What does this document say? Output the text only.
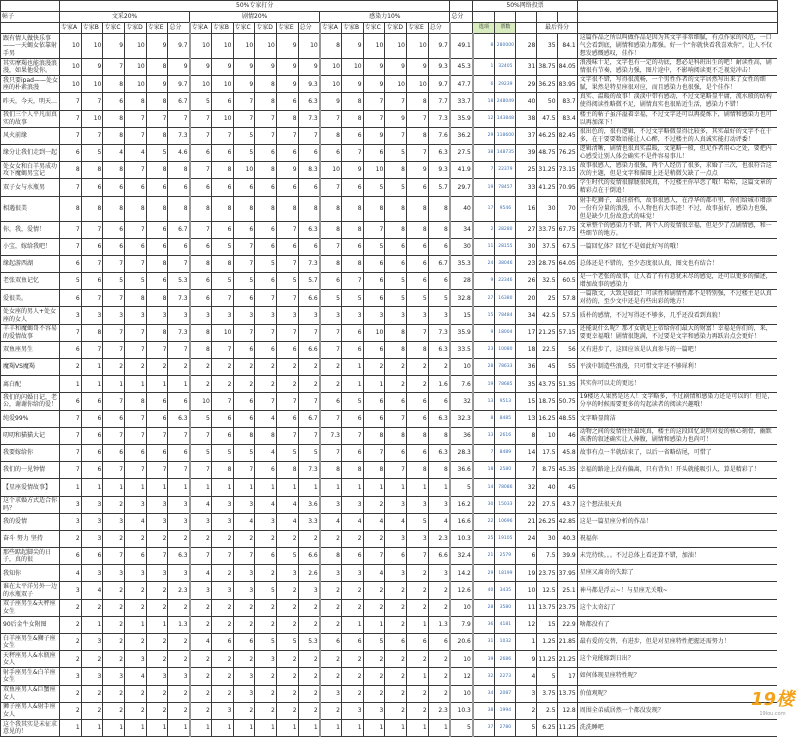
	50%专家打分																			50%网络投票					
帖子	文采20%						剧情20%						感染力10%						总分						
	专家A	专家B	专家C	专家D	专家E	总分	专家A	专家B	专家C	专家D	专家E	总分	专家A	专家B	专家C	专家D	专家E	总分		选项	票数		最后得分		
跟有情人做快乐事——一天蝎女依靠射手男	10	10	9	10	9	9.7	10	10	10	10	9	10	8	9	10	10	10	9.7	49.1	8	280000	28	35	84.1	这篇作品之所以叫做作品是因为其文字非常细腻，有点作家的风范，一口气会看到底，剧情和感染力都强。好一个“你就快看我喜欢你”，让人不仅想发感慨感叹，佳作！
其实摩羯也能浪漫浪漫，如果他爱你。	10	9	7	10	8	9	9	9	9	9	9	9	10	10	9	9	9	9.3	45.3	1	32405	31	38.75	84.05	浪漫味十足，文字也有一定的功底，想必是科班出生的吧！耐读性高，剧情很有节奏，感染力强，图片途中，不影响阅读更不乏视觉冲击！
我只要ipad——处女座的朴素浪漫	10	10	8	10	9	9.7	10	10	9	8	9	9.3	10	9	9	10	10	9.7	47.7	6	29239	29	36.25	83.95	文字很不错，写得很流畅，一个男性作者的文字居然写出来了女性的细腻，果然是特星座很对应，而且感染力也很强，是个佳作！
昨天，今天，明天…	7	7	6	8	8	6.7	5	6	7	8	6	6.3	9	8	7	7	8	7.7	33.7	18	248049	40	50	83.7	真实、温暖的故事！淡淡中带有感动，不过文笔略显平庸，流水般的结构使得阅读性略微不足，剧情真实也很贴近生活，感染力不错！
我们三个人平凡而真实的故事	7	10	8	7	7	7	7	10	7	7	8	7.3	7	8	7	9	7	7.3	35.9	12	143848	38	47.5	83.4	楼主的帖子虽洋溢着幸福，不过文字还可以再提炼下，剧情和感染力也可以再加深下！
风火前缘	7	7	8	7	8	7.3	7	7	5	7	7	7	8	6	9	7	8	7.6	36.2	29	118600	37	46.25	82.45	很出色的，很有逻辑，不过文字略微显得比较多，其实最好的文字不在于多，在于要要数语能让人心醉，不过楼主的人真诚实能打动评委！
缘分让我们走到一起	6	5	4	4	5	4.6	6	6	5	6	6	6	6	7	6	5	7	6.3	27.5	38	148735	39	48.75	76.25	逻辑清晰，剧情也很真实温暖，文笔略一般，但足作者用心之处，要把内心感受让别人体会确实不是件容易事儿！
处女女和白羊男成功攻下魔蝎男宝记	8	8	8	7	8	8	7	8	10	8	9	8.3	10	9	10	8	9	9.3	41.9	7	22379	25	31.25	73.15	故事很感人，感染力很强，两个人经历了很多，求婚了三次，也很符合这次的主题，但是文字和描图上还是稍微欠缺了一点点
双子女与水瓶男	7	6	6	6	6	6	6	6	6	6	6	6	7	6	5	5	6	5.7	29.7	19	78457	33	41.25	70.95	学生时代的爱情很朦胧很纯真，不过楼主你早恋了哦！哈哈，这篇文章的精彩点在于倒追！
相遇很美	8	8	8	8	8	8	8	8	8	8	8	8	8	8	8	8	8	8	40	17	9546	16	30	70	射手吃狮子，最佳搭档，故事很感人，在浮华的都市里，你们给城市增添一份有分量的浪漫，小人物也有大事迹！不过，故事虽好，感染力也强，但是缺少几份故意式的味觉！
你，我，爱情！	7	7	6	7	6	6.7	7	6	6	6	7	6.3	8	8	7	8	8	8	34	2	28280	27	33.75	67.75	文章整个的感染力不错，两个人的爱情很幸福，但是少了点剧情感，和一些细节的地方。
小宝，嫁给我吧！	7	6	6	6	6	6	6	5	7	6	6	6	7	6	5	6	6	6	30	11	28155	30	37.5	67.5	一篇回忆体？回忆不是如此好写的哦！
缘起游西湖	6	7	7	7	8	7	8	8	7	5	7	7.3	8	8	6	6	6	6.7	35.3	24	38046	23	28.75	64.05	总体还是不错的，至少态度很认真，图文也有结合！
老张双鱼记忆	5	6	5	5	6	5.3	6	5	5	6	5	5.7	6	7	6	5	6	6	28	9	22346	26	32.5	60.5	是一个老张的故事，让人看了有有意犹未尽的感觉，还可以更多的描述，增加故事的感染力
爱很美。	6	7	7	8	8	7.3	6	7	6	7	7	6.6	5	5	6	5	5	5	32.8	27	16380	20	25	57.8	一篇散文，大致是如此！可读性和剧情性都不是特别强，不过楼主是认真对待的，至少文中还是有些出彩的地方！
处女座的男人+处女座的女人	3	3	3	3	3	3	3	3	3	3	3	3	3	3	3	3	3	3	15	15	78484	34	42.5	57.5	质朴的感情，不过写得还不够多，几乎还没看到真貌！
羊羊和魔蝎哥不容易的爱情故事	7	8	7	7	8	7.3	8	10	7	7	7	7	7	6	10	8	7	7.3	35.9	9	18004	17	21.25	57.15	还能说什么呢？那才女就是上帝给你们最大的财富！幸福是你们的，来，要更幸福哦！剧情很饱满，不过要是文字和感染力再跃岩点会更好！
双鱼座男生	6	7	7	7	7	7	8	7	6	6	6	6.6	7	6	6	8	8	6.3	33.5	23	10080	18	22.5	56	又有进步了，这回应该是认真参与的一篇吧！
魔羯VS魔羯	2	1	2	2	2	2	2	2	2	2	2	2	2	1	2	2	2	2	10	28	78633	36	45	55	平淡中制造些浪漫，只可惜文字还不够犀利！
离白配	1	1	1	1	1	1	2	2	2	2	2	2	2	1	1	2	2	1.6	7.6	19	78685	35	43.75	51.35	其实你可以走的更远！
我们的闪婚日记，老公，谢谢你给的爱！	6	6	7	8	6	6	10	7	6	7	7	7	6	5	6	6	6	6	32	13	9513	15	18.75	50.75	19楼达人果然是达人！文字略多，不过剧情和感染力还是可以的！但是，分享的时候需要更多的勾起读者的阅读兴趣哦！
纯爱99%	7	6	6	7	6	6.3	5	6	6	4	6	6.7	7	6	6	7	6	6.3	32.3	8	8485	13	16.25	48.55	文字略显简洁
叨叨和猫猫大记	7	6	7	7	7	7	7	6	8	8	7	7	7.3	7	8	8	8	8	36	33	2616	8	10	46	动物之间的爱情往往最纯真，楼主的这段回忆说明对爱的核心刻骨，幽默诙谐的叙述确实让人捧腹，剧情和感染力也尚可！
我要嫁给你	7	6	6	6	6	6	5	5	5	4	5	5	7	6	7	6	6	6.3	28.3	7	8489	14	17.5	45.8	故事有点一半就结束了，以后一省略结尾，可惜了
我们的一见钟情	7	6	7	7	7	7	7	8	7	6	8	7.3	8	8	8	7	8	8	36.6	18	2580	7	8.75	45.35	幸福的路途上没有偏离，只有背负！开头就能吸引人，算是精彩了！
【星座爱情故事】	1	1	1	1	1	1	1	1	1	1	1	1	1	1	1	1	1	1	5	14	78086	32	40	45	
这个求婚方式适合你吗？	3	3	2	3	3	3	4	3	3	4	4	3.6	3	3	2	3	3	3	16.2	30	15033	22	27.5	43.7	这个想法很天真
我的爱情	3	3	3	4	3	3	3	3	4	3	4	3.3	4	4	4	4	5	4	16.6	22	10696	21	26.25	42.85	这是一篇星座分析的作品！
奋斗 努力 坚持	2	3	2	2	2	2	2	2	2	2	2	2	2	2	2	3	3	2.3	10.3	25	19105	24	30	40.3	祝福你
那些踮起脚尖的日子，真的很	6	6	7	6	7	6.3	7	7	7	6	5	6.6	8	6	7	6	7	6.6	32.4	21	2579	6	7.5	39.9	未完待续。。。不过总体上看还算不错，加油！
我知你	4	3	3	3	3	3	4	2	3	2	3	2.6	3	3	4	3	2	3	14.2	29	18199	19	23.75	37.95	星座又离奇的失踪了
谁在太平洋另外一边的水瓶双子	3	4	2	2	2	2.3	3	3	3	5	2	3	2	2	2	2	2	2	12.6	40	3435	10	12.5	25.1	神马都是浮云~！与星座无关哦~
双子座男生&天秤座女生	2	2	2	2	2	2	2	2	2	2	2	2	2	2	2	2	2	2	10	28	3580	11	13.75	23.75	这个太奇幻了
90后金牛女附图	2	1	2	1	1	1.3	2	2	2	2	2	2	2	1	1	2	1	1.3	7.9	36	4181	12	15	22.9	啥都没有了
白羊座男生&狮子座女生	2	3	2	2	2	2	4	6	6	5	5	5.3	6	6	5	6	6	6	20.6	31	1032	1	1.25	21.85	最有爱的交替，有进步，但是对星座特性把握还需努力！
天秤座男人&水瓶座女人	2	2	2	3	2	2	2	2	2	3	2	2	2	2	2	2	2	2	10	39	2686	9	11.25	21.25	这个竟能嫁到日出？
射手座男生&白羊座女生	3	3	3	4	3	3	2	2	3	2	2	2	2	2	2	2	1	2	12	32	2273	4	5	17	如何体现星座特性呢？
双鱼座男人&巨蟹座女人	2	2	2	2	2	2	2	2	3	2	2	2	3	2	2	2	2	2	10	34	2087	3	3.75	13.75	价值观呢？
狮子座男人&射手座女人	2	2	2	2	2	2	2	3	2	2	2	2	2	3	3	2	2	2.3	10.3	38	1994	2	2.5	12.8	周围全弟威居然一个都没发现？
这个我其实是未征求意见的！	1	1	1	1	1	1	1	1	1	1	1	1	1	1	1	1	1	1	5	37	2780	5	6.25	11.25	洗洗睡吧
19楼
19lou.com
